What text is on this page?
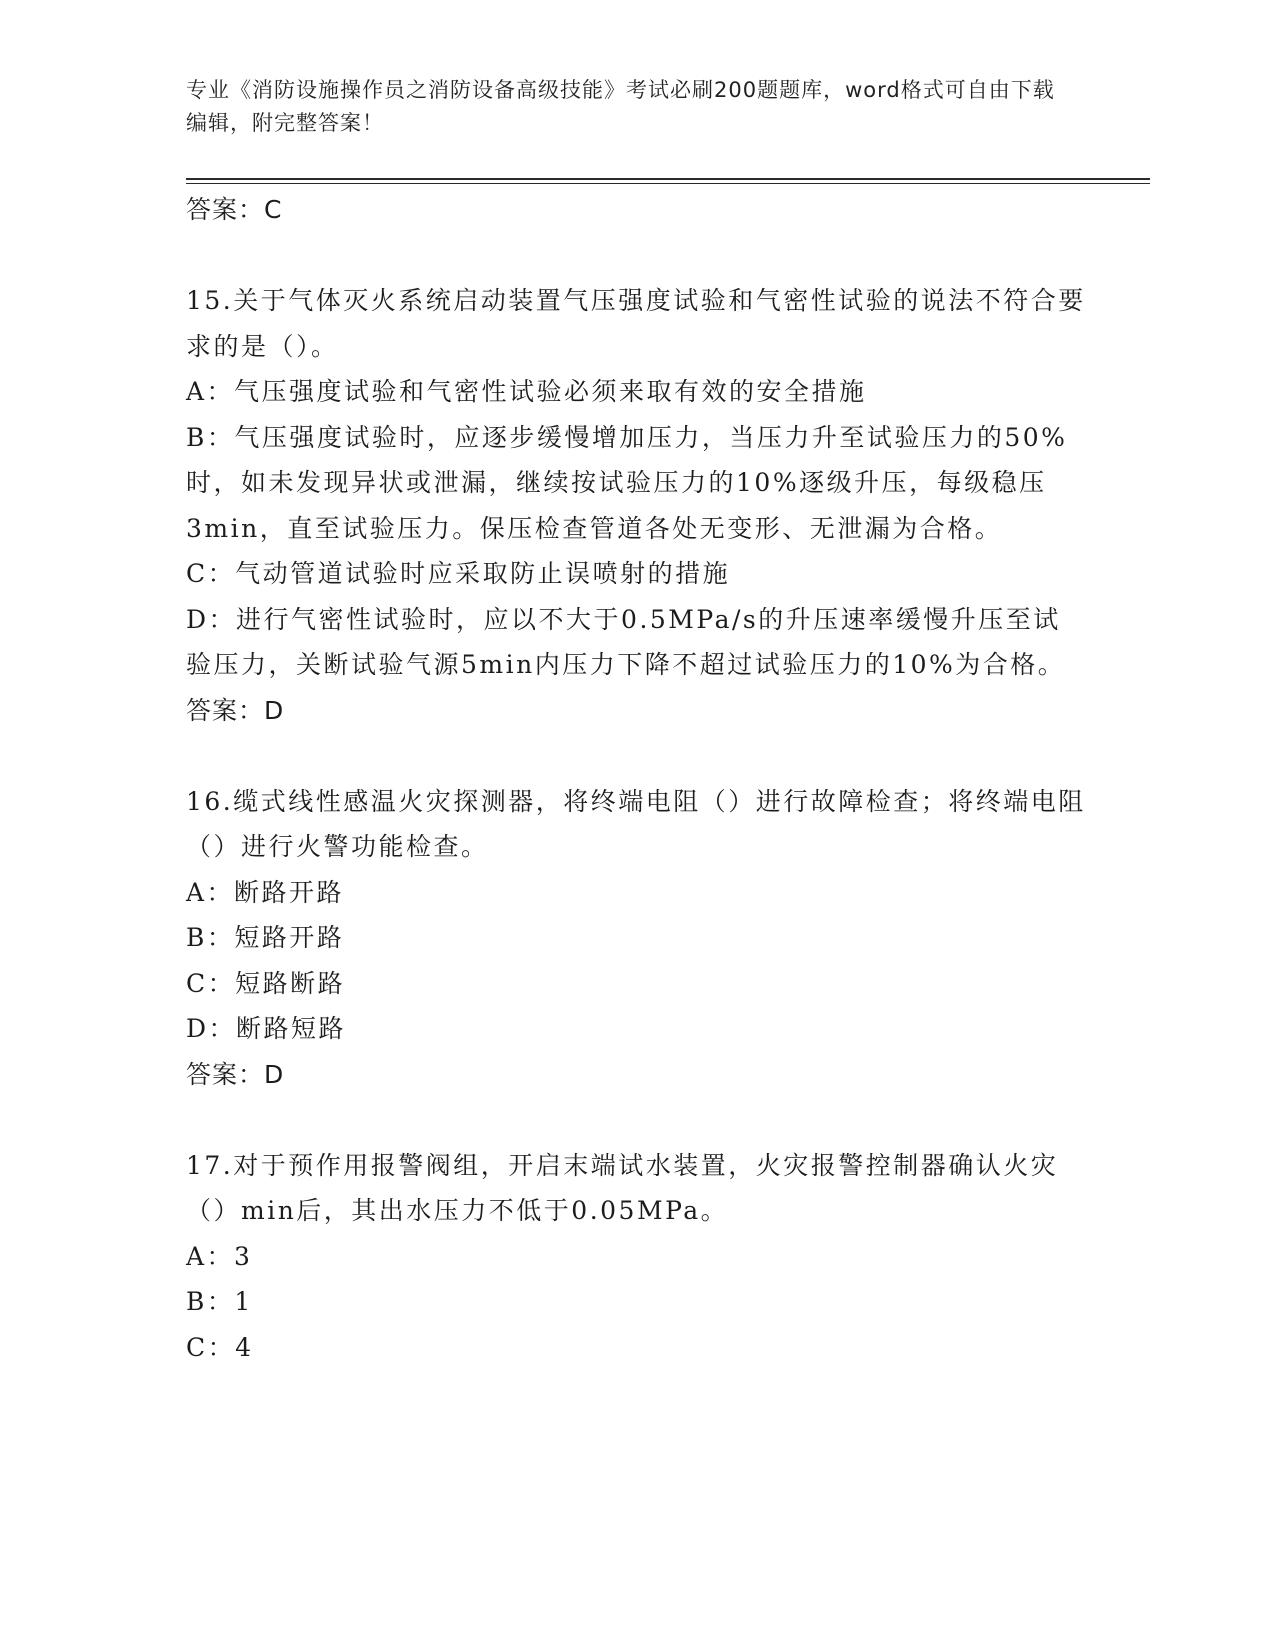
专业《消防设施操作员之消防设备高级技能》考试必刷200题题库，word格式可自由下载编辑，附完整答案！

答案：C

15.关于气体灭火系统启动装置气压强度试验和气密性试验的说法不符合要求的是（）。

A：气压强度试验和气密性试验必须来取有效的安全措施

B：气压强度试验时，应逐步缓慢增加压力，当压力升至试验压力的50%时，如未发现异状或泄漏，继续按试验压力的10%逐级升压，每级稳压3min，直至试验压力。保压检查管道各处无变形、无泄漏为合格。

C：气动管道试验时应采取防止误喷射的措施

D：进行气密性试验时，应以不大于0.5MPa/s的升压速率缓慢升压至试验压力，关断试验气源5min内压力下降不超过试验压力的10%为合格。

答案：D

16.缆式线性感温火灾探测器，将终端电阻（）进行故障检查；将终端电阻（）进行火警功能检查。

A：断路开路

B：短路开路

C：短路断路

D：断路短路

答案：D

17.对于预作用报警阀组，开启末端试水装置，火灾报警控制器确认火灾（）min后，其出水压力不低于0.05MPa。

A：3

B：1

C：4
